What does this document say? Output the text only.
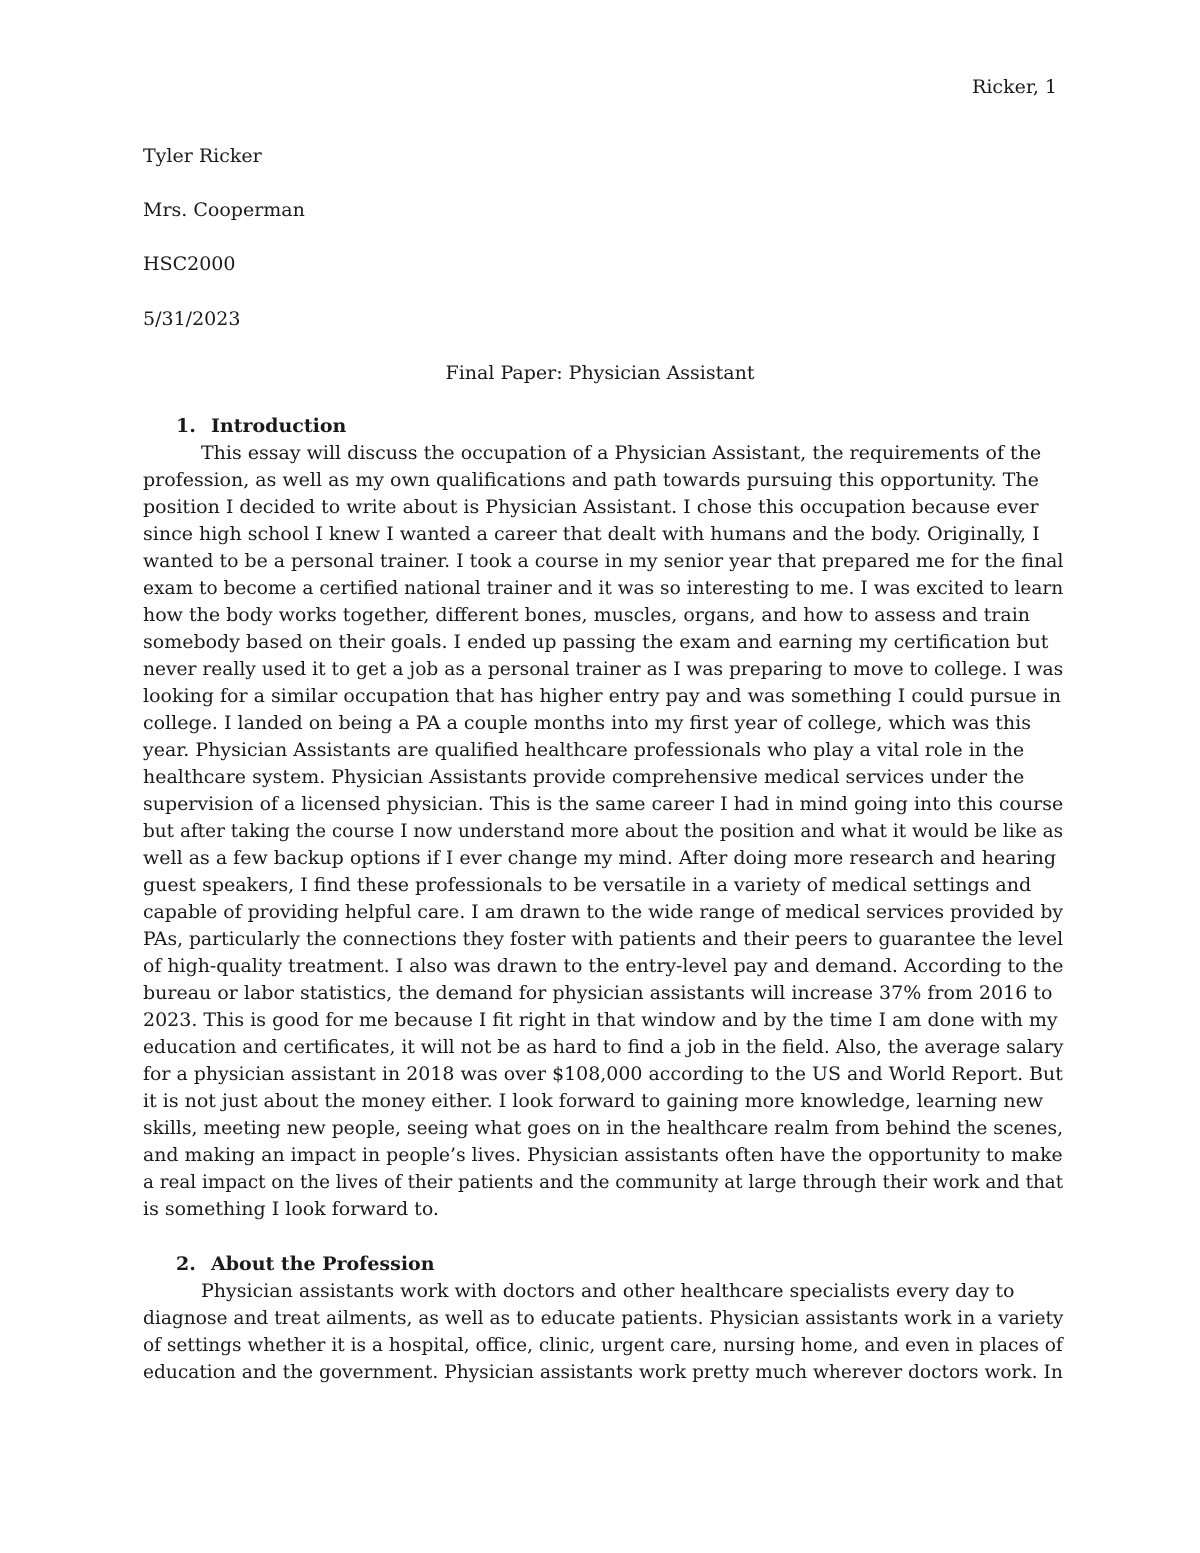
Ricker, 1
Tyler Ricker
Mrs. Cooperman
HSC2000
5/31/2023
Final Paper: Physician Assistant
1. Introduction
This essay will discuss the occupation of a Physician Assistant, the requirements of the
profession, as well as my own qualifications and path towards pursuing this opportunity. The
position I decided to write about is Physician Assistant. I chose this occupation because ever
since high school I knew I wanted a career that dealt with humans and the body. Originally, I
wanted to be a personal trainer. I took a course in my senior year that prepared me for the final
exam to become a certified national trainer and it was so interesting to me. I was excited to learn
how the body works together, different bones, muscles, organs, and how to assess and train
somebody based on their goals. I ended up passing the exam and earning my certification but
never really used it to get a job as a personal trainer as I was preparing to move to college. I was
looking for a similar occupation that has higher entry pay and was something I could pursue in
college. I landed on being a PA a couple months into my first year of college, which was this
year. Physician Assistants are qualified healthcare professionals who play a vital role in the
healthcare system. Physician Assistants provide comprehensive medical services under the
supervision of a licensed physician. This is the same career I had in mind going into this course
but after taking the course I now understand more about the position and what it would be like as
well as a few backup options if I ever change my mind. After doing more research and hearing
guest speakers, I find these professionals to be versatile in a variety of medical settings and
capable of providing helpful care. I am drawn to the wide range of medical services provided by
PAs, particularly the connections they foster with patients and their peers to guarantee the level
of high-quality treatment. I also was drawn to the entry-level pay and demand. According to the
bureau or labor statistics, the demand for physician assistants will increase 37% from 2016 to
2023. This is good for me because I fit right in that window and by the time I am done with my
education and certificates, it will not be as hard to find a job in the field. Also, the average salary
for a physician assistant in 2018 was over $108,000 according to the US and World Report. But
it is not just about the money either. I look forward to gaining more knowledge, learning new
skills, meeting new people, seeing what goes on in the healthcare realm from behind the scenes,
and making an impact in people’s lives. Physician assistants often have the opportunity to make
a real impact on the lives of their patients and the community at large through their work and that
is something I look forward to.
2. About the Profession
Physician assistants work with doctors and other healthcare specialists every day to
diagnose and treat ailments, as well as to educate patients. Physician assistants work in a variety
of settings whether it is a hospital, office, clinic, urgent care, nursing home, and even in places of
education and the government. Physician assistants work pretty much wherever doctors work. In
